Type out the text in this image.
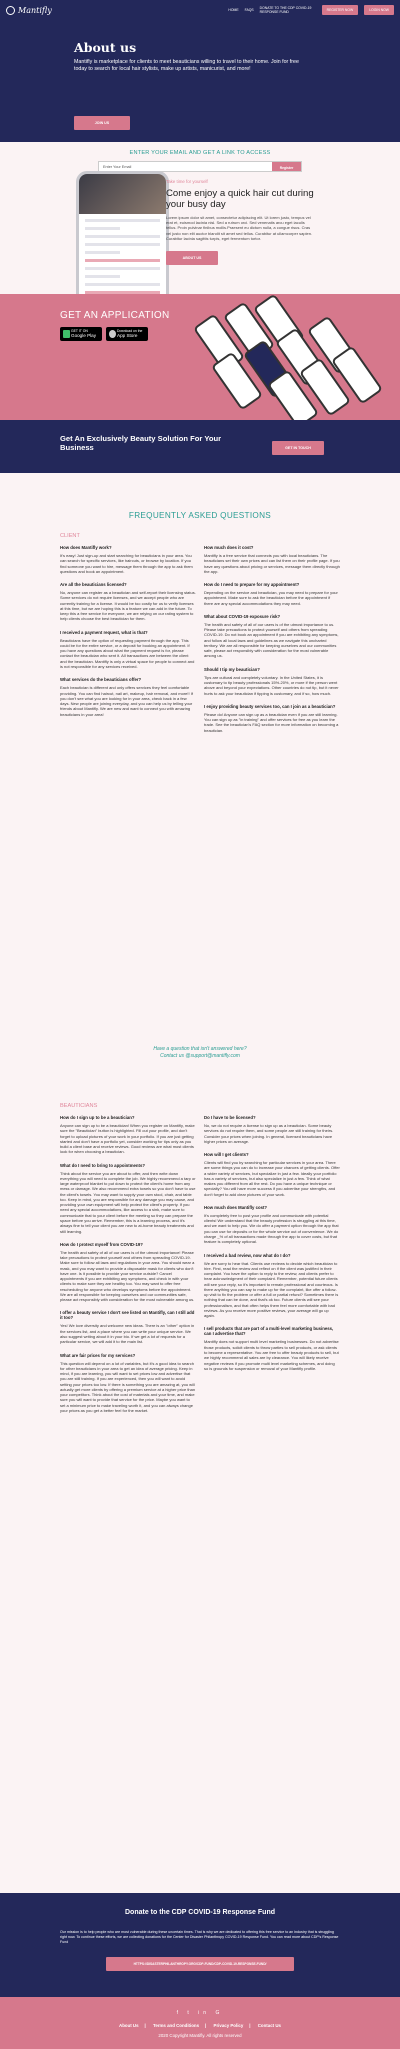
Mantifly	HOME FAQS
DONATE TO THE CDP COVID-19 RESPONSE FUND	REGISTER NOW	LOGIN NOW
About us

Mantifly is marketplace for clients to meet beauticians willing to travel to their home. Join for free today to search for local hair stylists, make up artists, manicurist, and more!

JOIN US
ENTER YOUR EMAIL AND GET A LINK TO ACCESS
Enter Your Email	Register
Take time for yourself
Come enjoy a quick hair cut during your busy day

Lorem ipsum dolor sit amet, consectetur adipiscing elit. Ut lorem justo, tempus vel erat et, euismod lacinia nisl. Sed a rutrum orci. Sed venenatis arcu eget iaculis tellus. Proin pulvinar finibus mollis.Praesent eu dictum nulla, a congue risus. Cras vel justo non elit auctor blandit sit amet sed tellus. Curabitur at ullamcorper sapien. Curabitur lacinia sagittis turpis, eget fermentum tortor.

ABOUT US
GET AN APPLICATION
GET IT ON
Google Play
Download on the
App Store
Get An Exclusively Beauty Solution For Your Business	GET IN TOUCH
FREQUENTLY ASKED QUESTIONS
CLIENT
How does Mantifly work?

It's easy! Just sign-up and start searching for beauticians in your area. You can search for specific services, like haircuts, or browse by location. If you find someone you want to hire, message them through the app to ask them questions and book an appointment.

Are all the beauticians licensed?

No, anyone can register as a beautician and self-report their licensing status. Some services do not require licenses, and we accept people who are currently training for a license. It would be too costly for us to verify licenses at this time, but we are hoping this is a feature we can add in the future. To keep this a free service for everyone, we are relying on our rating system to help clients choose the best beautician for them.

I received a payment request, what is that?

Beauticians have the option of requesting payment through the app. This could be for the entire service, or a deposit for booking an appointment. If you have any questions about what the payment request is for, please contact the beautician who sent it. All transactions are between the client and the beautician. Mantifly is only a virtual space for people to connect and is not responsible for any services received.

What services do the beauticians offer?

Each beautician is different and only offers services they feel comfortable providing. You can find haircut, nail art, makeup, hair removal, and more!! If you don't see what you are looking for in your area, check back in a few days. New people are joining everyday, and you can help us by telling your friends about Mantifly. We are new and want to connect you with amazing beauticians in your area!

How much does it cost?

Mantifly is a free service that connects you with local beauticians. The beauticians set their own prices and can list them on their profile page. If you have any questions about pricing or services, message them directly through the app.

How do I need to prepare for my appointment?

Depending on the service and beautician, you may need to prepare for your appointment. Make sure to ask the beautician before the appointment if there are any special accommodations they may need.

What about COVID-19 exposure risk?

The health and safety of all of our users is of the utmost importance to us. Please take precautions to protect yourself and others from spreading COVID-19. Do not book an appointment if you are exhibiting any symptoms, and follow all local laws and guidelines as we navigate this uncharted territory. We are all responsible for keeping ourselves and our communities safe, please act responsibly with consideration for the most vulnerable among us.

Should I tip my beautician?

Tips are cultural and completely voluntary. In the United States, it is customary to tip beauty professionals 15%-20%, or more if the person went above and beyond your expectations. Other countries do not tip, but it never hurts to ask your beautician if tipping is customary, and if so, how much.

I enjoy providing beauty services too, can I join as a beautician?

Please do! Anyone can sign up as a beautician even if you are still learning. You can sign up as "in training" and offer services for free as you learn the trade. See the beautician's FAQ section for more information on becoming a beautician.

Have a question that isn't answered here?
Contact us @support@mantifly.com
BEAUTICIANS
How do I sign up to be a beautician?

Anyone can sign up to be a beautician! When you register on Mantifly, make sure the "Beautician" button is highlighted. Fill out your profile, and don't forget to upload pictures of your work in your portfolio. If you are just getting started and don't have a portfolio yet, consider working for tips only as you build a client base and receive reviews. Good reviews are what most clients look for when choosing a beautician.

What do I need to bring to appointments?

Think about the service you are about to offer, and then write down everything you will need to complete the job. We highly recommend a tarp or large waterproof blanket to put down to protect the client's home from any mess or damage. We also recommend extra towels so you don't have to use the client's towels. You may want to supply your own stool, chair, and table too. Keep in mind, you are responsible for any damage you may cause, and providing your own equipment will help protect the client's property. If you need any special accommodations, like access to a sink, make sure to communicate that to your client before the meeting so they can prepare the space before you arrive. Remember, this is a learning process, and it's always fine to tell your client you are new to at-home beauty treatments and still learning.

How do I protect myself from COVID-19?

The health and safety of all of our users is of the utmost importance! Please take precautions to protect yourself and others from spreading COVID-19. Make sure to follow all laws and regulations in your area. You should wear a mask, and you may want to provide a disposable mask for clients who don't have one. Is it possible to provide your service outside? Cancel appointments if you are exhibiting any symptoms, and check in with your clients to make sure they are healthy too. You may want to offer free rescheduling for anyone who develops symptoms before the appointment. We are all responsible for keeping ourselves and our communities safe, please act responsibly with consideration for the most vulnerable among us.

I offer a beauty service I don't see listed on Mantifly, can I still add it too?

Yes! We love diversity and welcome new ideas. There is an "other" option in the services list, and a place where you can write your unique service. We also suggest writing about it in your bio. If we get a lot of requests for a particular service, we will add it to the main list.

What are fair prices for my services?

This question will depend on a lot of variables, but it's a good idea to search for other beauticians in your area to get an idea of average pricing. Keep in mind, if you are learning, you will want to set prices low and advertise that you are still training. If you are experienced, then you will want to avoid setting your prices too low. If there is something you are amazing at, you will actually get more clients by offering a premium service at a higher price than your competitors. Think about the cost of materials and your time, and make sure you will want to provide that service for the price. Maybe you want to set a minimum price to make traveling worth it, and you can always change your prices as you get a better feel for the market.

Do I have to be licensed?

No, we do not require a license to sign up as a beautician. Some beauty services do not require them, and some people are still training for theirs. Consider your prices when joining. In general, licensed beauticians have higher prices on average.

How will I get clients?

Clients will find you by searching for particular services in your area. There are some things you can do to increase your chances of getting clients. Offer a wider variety of services, but specialize in just a few. Ideally your portfolio has a variety of services, but also specialize in just a few. Think of what makes you different from all the rest. Do you have a unique technique or specialty? You will have more success if you advertise your strengths, and don't forget to add clear pictures of your work.

How much does Mantifly cost?

It's completely free to post your profile and communicate with potential clients! We understand that the beauty profession is struggling at this time, and we want to help you. We do offer a payment option through the app that you can use for deposits or for the whole service out of convenience. We do charge _% of all transactions made through the app to cover costs, but that feature is completely optional.

I received a bad review, now what do I do?

We are sorry to hear that. Clients use reviews to decide which beautician to hire. First, read the review and reflect on if the client was justified in their complaint. You have the option to reply to the review, and clients prefer to hear acknowledgment of their complaint. Remember, potential future clients will see your reply, so it's important to remain professional and courteous. Is there anything you can say to make up for the complaint, like offer a follow-up visit to fix the problem or offer a full or partial refund? Sometimes there is nothing that can be done, and that's ok too. Future clients will see your professionalism, and that often helps them feel more comfortable with bad reviews. As you receive more positive reviews, your average will go up again.

I sell products that are part of a multi-level marketing business, can I advertise that?

Mantifly does not support multi level marketing businesses. Do not advertise those products, solicit clients to throw parties to sell products, or ask clients to become a representative. You are free to offer beauty products to sell, but we highly recommend all sales are by clearance. You will likely receive negative reviews if you promote multi level marketing schemes, and doing so is grounds for suspension or removal of your Mantifly profile.

Donate to the CDP COVID-19 Response Fund

Our mission is to help people who are most vulnerable during these uncertain times. That is why we are dedicated to offering this free service to an industry that is struggling right now. To continue these efforts, we are collecting donations for the Center for Disaster Philanthropy COVID-19 Response Fund. You can read more about CDP's Response Fund

HTTPS://DISASTERPHILANTHROPY.ORG/CDP-FUND/CDP-COVID-19-RESPONSE-FUND/
f t in G
About Us | Terms and Conditions | Privacy Policy | Contact Us
2020 Copyright Mantifly. All rights reserved
